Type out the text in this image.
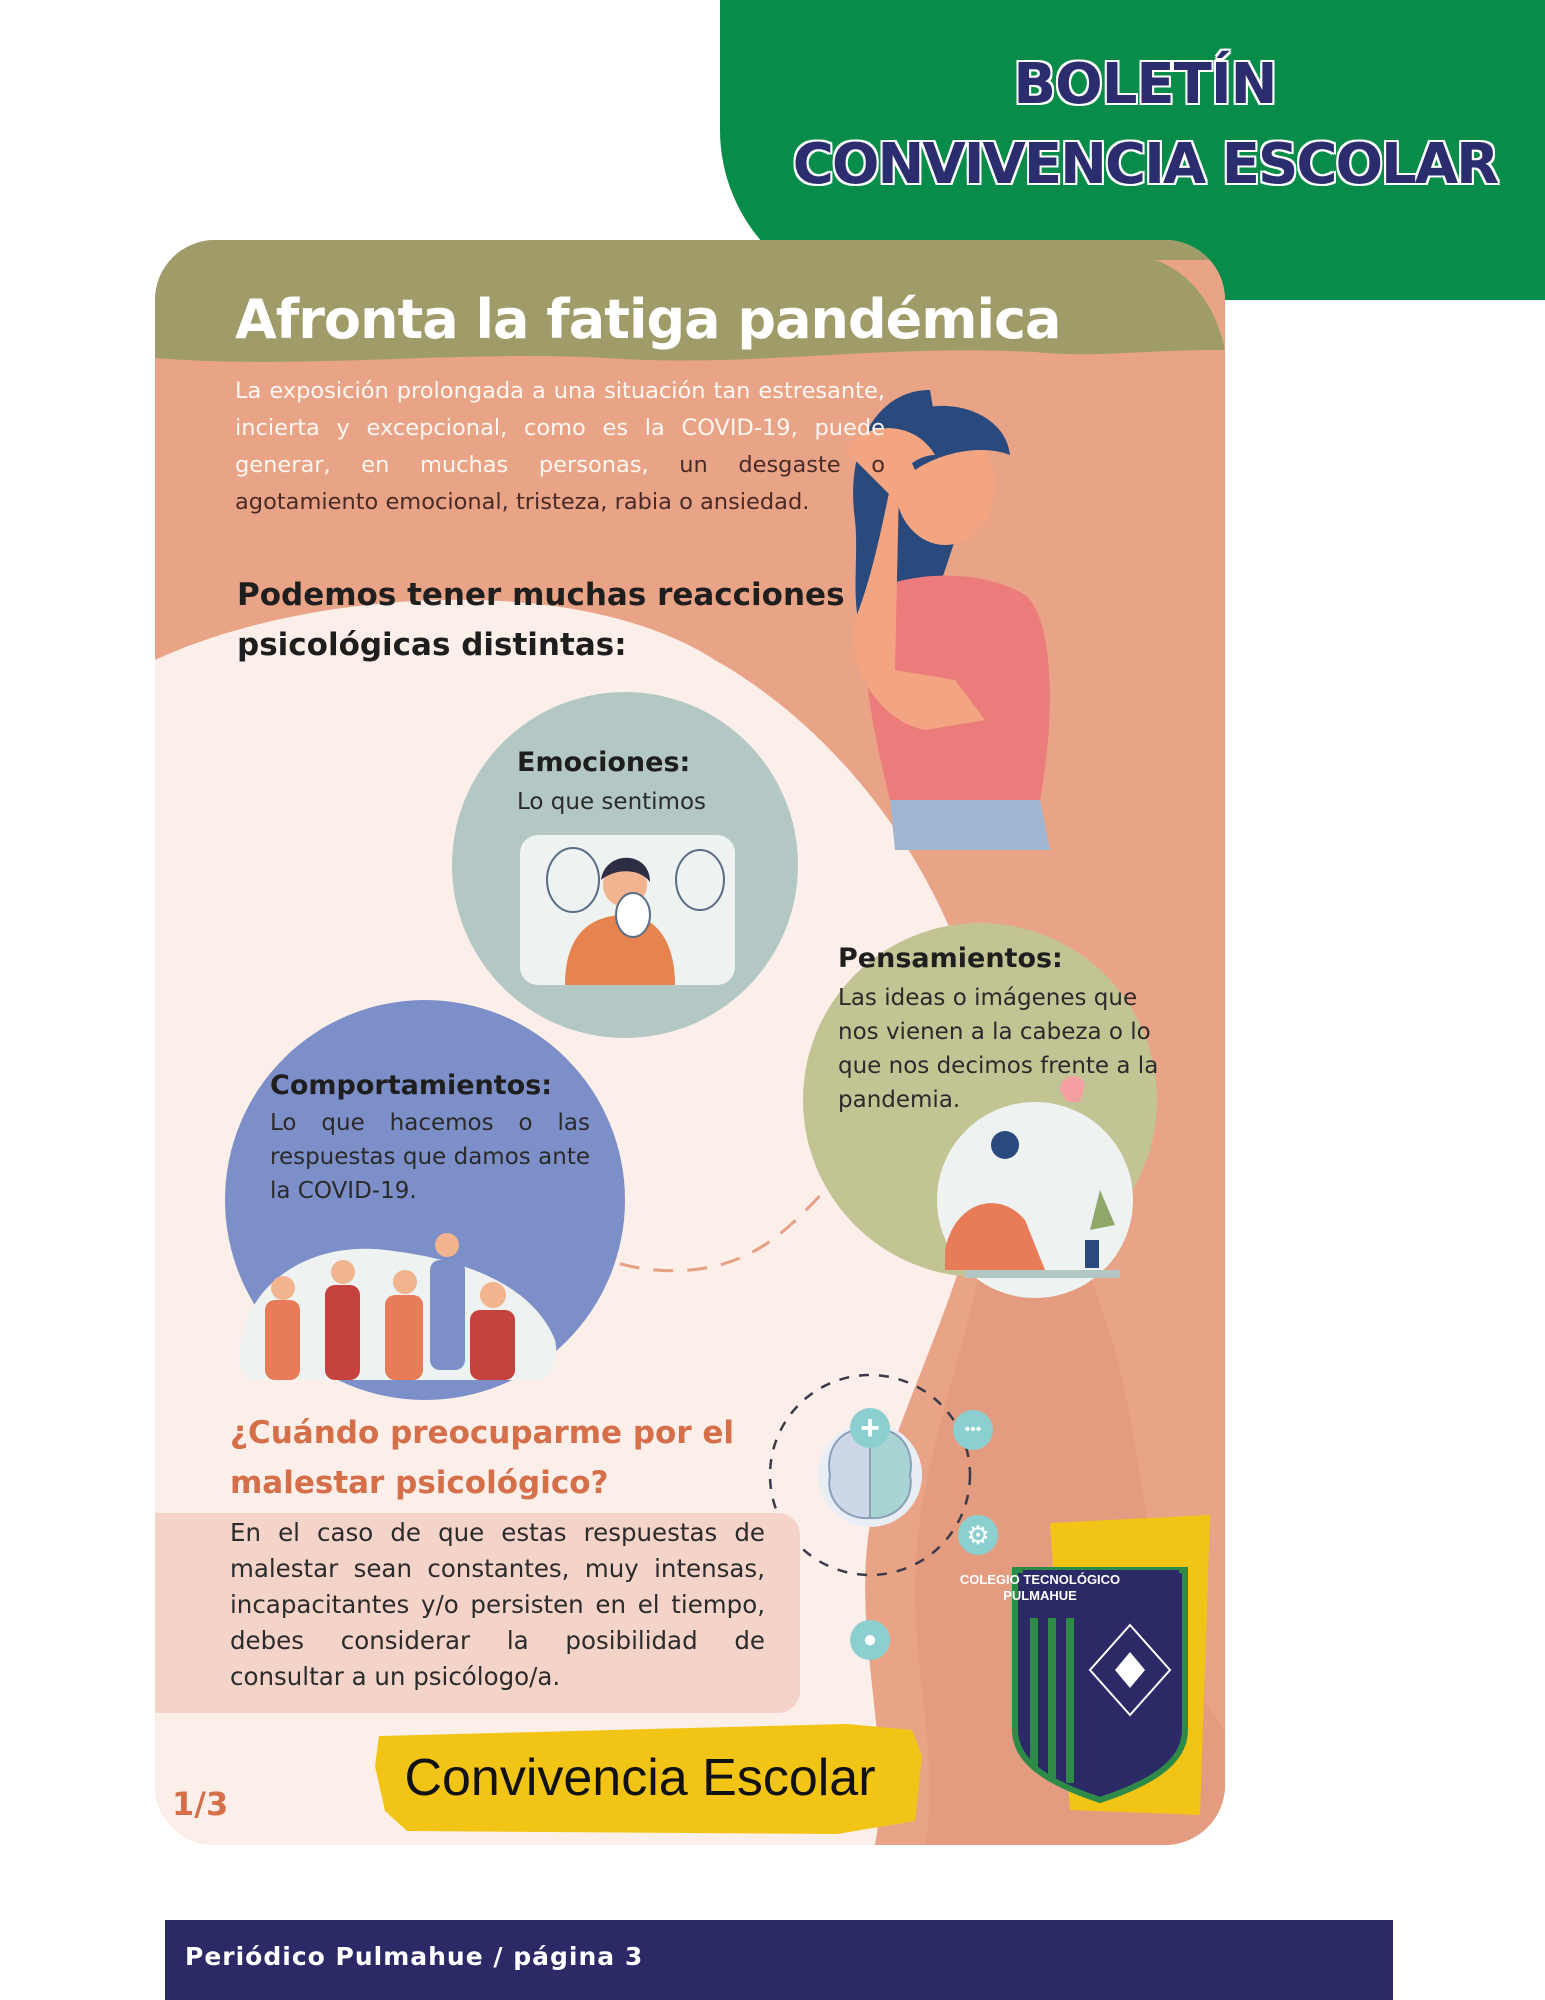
BOLETÍN
CONVIVENCIA ESCOLAR
Afronta la fatiga pandémica
La exposición prolongada a una situación tan estresante, incierta y excepcional, como es la COVID-19, puede generar, en muchas personas, un desgaste o agotamiento emocional, tristeza, rabia o ansiedad.
Podemos tener muchas reacciones psicológicas distintas:
+	•••
⚙
●
Emociones:
Lo que sentimos
Pensamientos:
Las ideas o imágenes que nos vienen a la cabeza o lo que nos decimos frente a la pandemia.
Comportamientos:
Lo que hacemos o las respuestas que damos ante la COVID-19.
¿Cuándo preocuparme por el malestar psicológico?
En el caso de que estas respuestas de malestar sean constantes, muy intensas, incapacitantes y/o persisten en el tiempo, debes considerar la posibilidad de consultar a un psicólogo/a.
COLEGIO TECNOLÓGICO
PULMAHUE
Convivencia Escolar
1/3
Periódico Pulmahue / página 3
